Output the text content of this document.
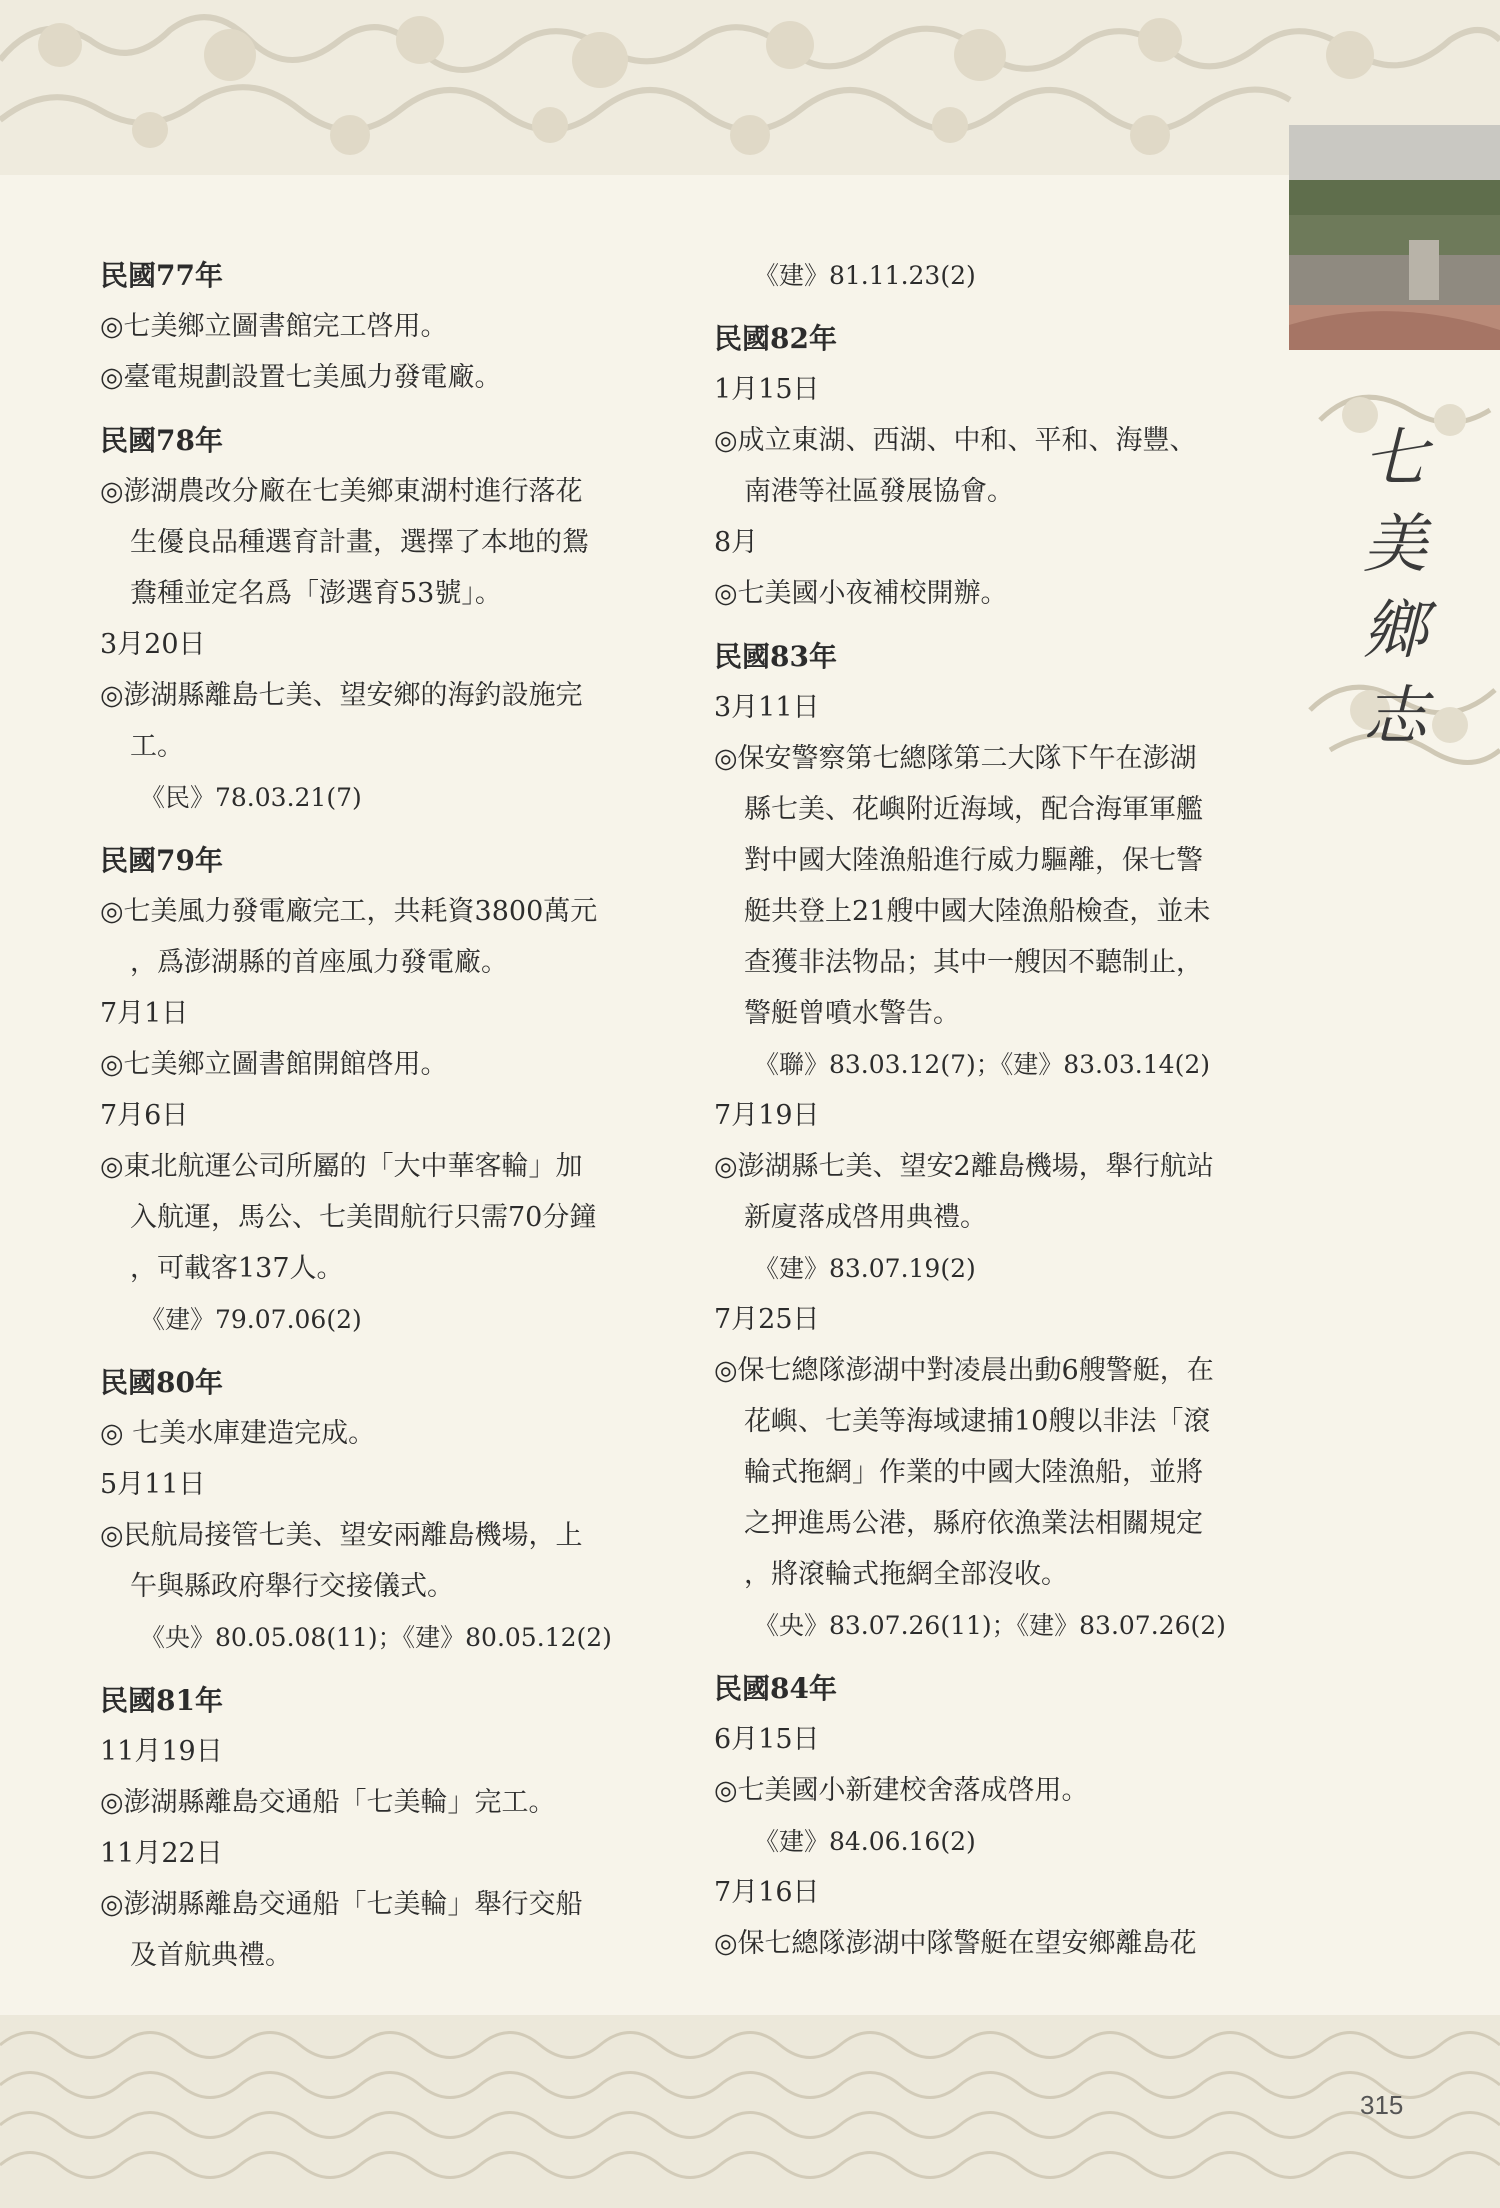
七
美
鄉
志
民國77年
◎七美鄉立圖書館完工啓用。
◎臺電規劃設置七美風力發電廠。
民國78年
◎澎湖農改分廠在七美鄉東湖村進行落花
生優良品種選育計畫，選擇了本地的鴛
鴦種並定名爲「澎選育53號」。
3月20日
◎澎湖縣離島七美、望安鄉的海釣設施完
工。
《民》78.03.21(7)
民國79年
◎七美風力發電廠完工，共耗資3800萬元
，爲澎湖縣的首座風力發電廠。
7月1日
◎七美鄉立圖書館開館啓用。
7月6日
◎東北航運公司所屬的「大中華客輪」加
入航運，馬公、七美間航行只需70分鐘
，可載客137人。
《建》79.07.06(2)
民國80年
◎ 七美水庫建造完成。
5月11日
◎民航局接管七美、望安兩離島機場，上
午與縣政府舉行交接儀式。
《央》80.05.08(11)；《建》80.05.12(2)
民國81年
11月19日
◎澎湖縣離島交通船「七美輪」完工。
11月22日
◎澎湖縣離島交通船「七美輪」舉行交船
及首航典禮。
《建》81.11.23(2)
民國82年
1月15日
◎成立東湖、西湖、中和、平和、海豐、
南港等社區發展協會。
8月
◎七美國小夜補校開辦。
民國83年
3月11日
◎保安警察第七總隊第二大隊下午在澎湖
縣七美、花嶼附近海域，配合海軍軍艦
對中國大陸漁船進行威力驅離，保七警
艇共登上21艘中國大陸漁船檢查，並未
查獲非法物品；其中一艘因不聽制止，
警艇曾噴水警告。
《聯》83.03.12(7)；《建》83.03.14(2)
7月19日
◎澎湖縣七美、望安2離島機場，舉行航站
新廈落成啓用典禮。
《建》83.07.19(2)
7月25日
◎保七總隊澎湖中對凌晨出動6艘警艇，在
花嶼、七美等海域逮捕10艘以非法「滾
輪式拖網」作業的中國大陸漁船，並將
之押進馬公港，縣府依漁業法相關規定
，將滾輪式拖網全部沒收。
《央》83.07.26(11)；《建》83.07.26(2)
民國84年
6月15日
◎七美國小新建校舍落成啓用。
《建》84.06.16(2)
7月16日
◎保七總隊澎湖中隊警艇在望安鄉離島花
315
